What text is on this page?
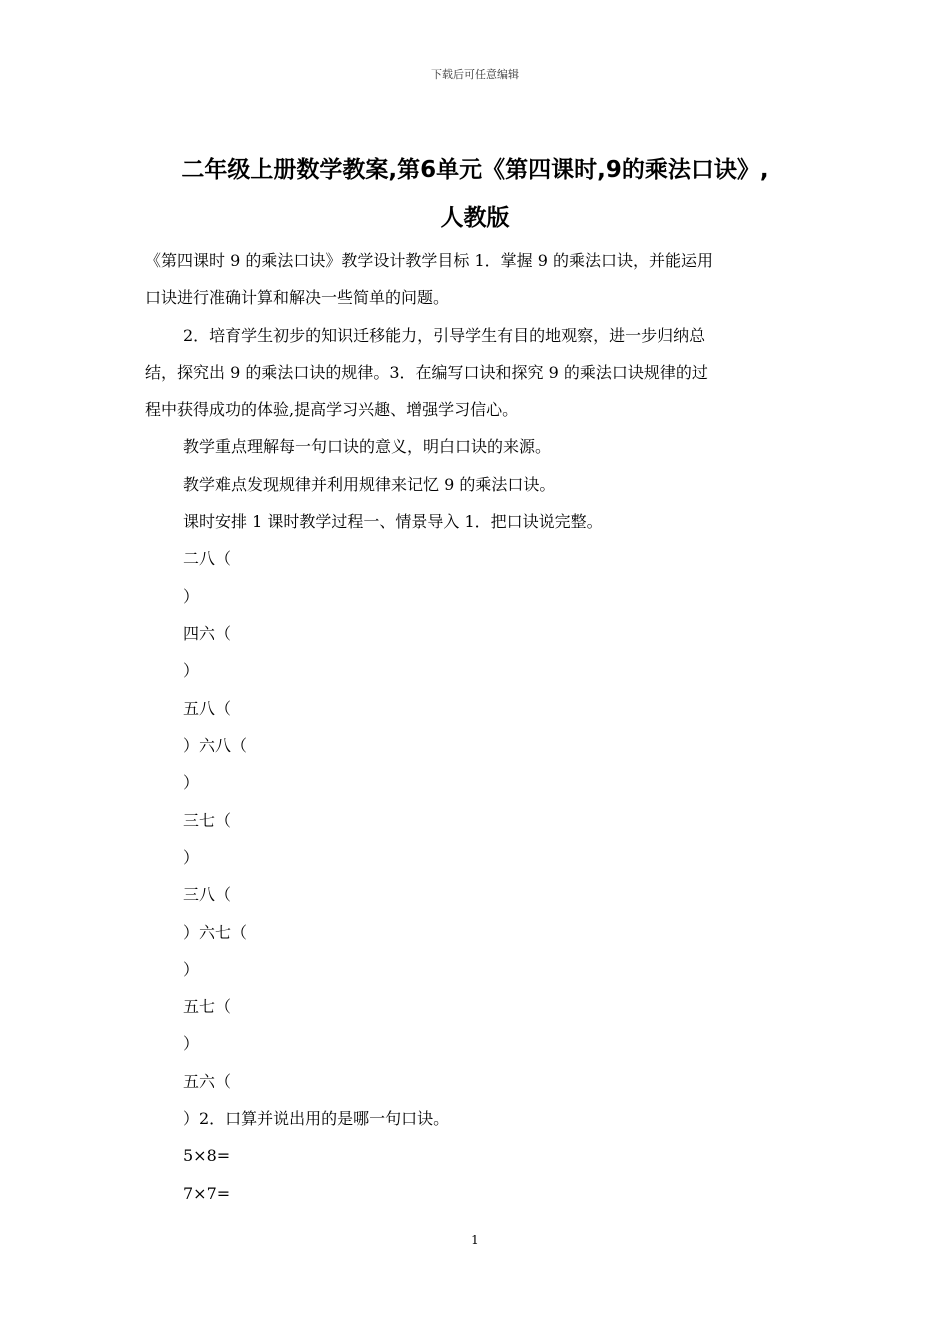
下载后可任意编辑
二年级上册数学教案,第6单元《第四课时,9的乘法口诀》,
人教版
《第四课时 9 的乘法口诀》教学设计教学目标 1．掌握 9 的乘法口诀，并能运用
口诀进行准确计算和解决一些简单的问题。
2．培育学生初步的知识迁移能力，引导学生有目的地观察，进一步归纳总
结，探究出 9 的乘法口诀的规律。3．在编写口诀和探究 9 的乘法口诀规律的过
程中获得成功的体验,提高学习兴趣、增强学习信心。
教学重点理解每一句口诀的意义，明白口诀的来源。
教学难点发现规律并利用规律来记忆 9 的乘法口诀。
课时安排 1 课时教学过程一、情景导入 1．把口诀说完整。
二八（
）
四六（
）
五八（
）六八（
）
三七（
）
三八（
）六七（
）
五七（
）
五六（
）2．口算并说出用的是哪一句口诀。
5×8=
7×7=
1
